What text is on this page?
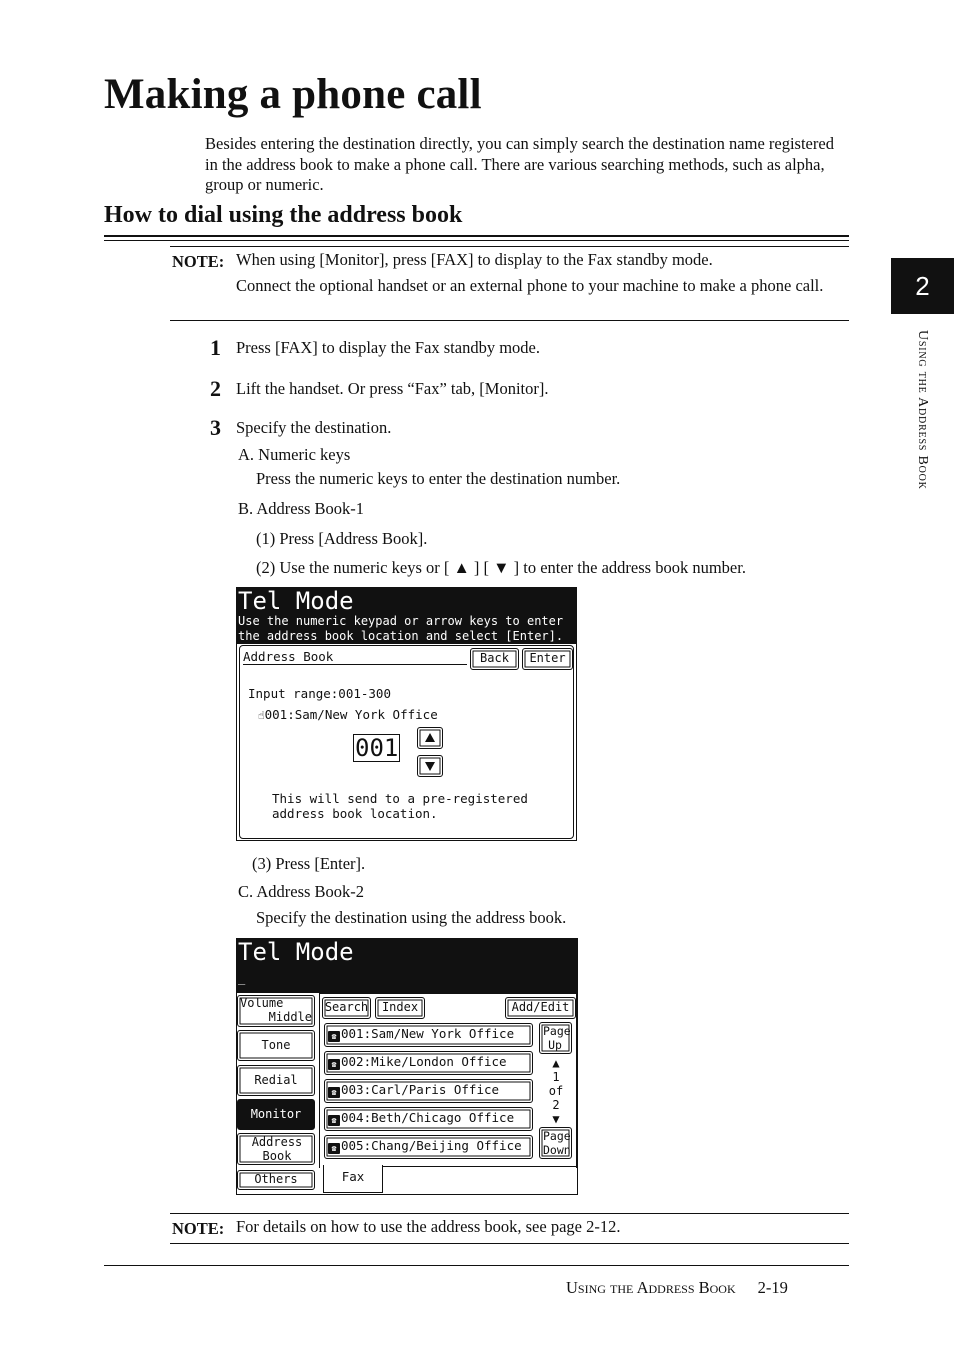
Making a phone call
Besides entering the destination directly, you can simply search the destination name registered in the address book to make a phone call. There are various searching methods, such as alpha, group or numeric.
How to dial using the address book
2
Using the Address Book
NOTE: When using [Monitor], press [FAX] to display to the Fax standby mode.
Connect the optional handset or an external phone to your machine to make a phone call.
1 Press [FAX] to display the Fax standby mode.
2 Lift the handset. Or press “Fax” tab, [Monitor].
3 Specify the destination.
A. Numeric keys
Press the numeric keys to enter the destination number.
B. Address Book-1
(1) Press [Address Book].
(2) Use the numeric keys or [ ▲ ] [ ▼ ] to enter the address book number.
Tel Mode
Use the numeric keypad or arrow keys to enter
the address book location and select [Enter].
Address Book	Back	Enter
Input range:001-300
☝001:Sam/New York Office
001
This will send to a pre-registered
address book location.
(3) Press [Enter].
C. Address Book-2
Specify the destination using the address book.
Tel Mode
_
Volume
Middle
Tone
Redial
Monitor
Address Book
Others
Search	Index	Add/Edit
☎ 001:Sam/New York Office
☎ 002:Mike/London Office
☎ 003:Carl/Paris Office
☎ 004:Beth/Chicago Office
☎ 005:Chang/Beijing Office
Page Up
▲
1
of
2
▼
Page Down
Fax
NOTE: For details on how to use the address book, see page 2-12.
Using the Address Book 2-19
